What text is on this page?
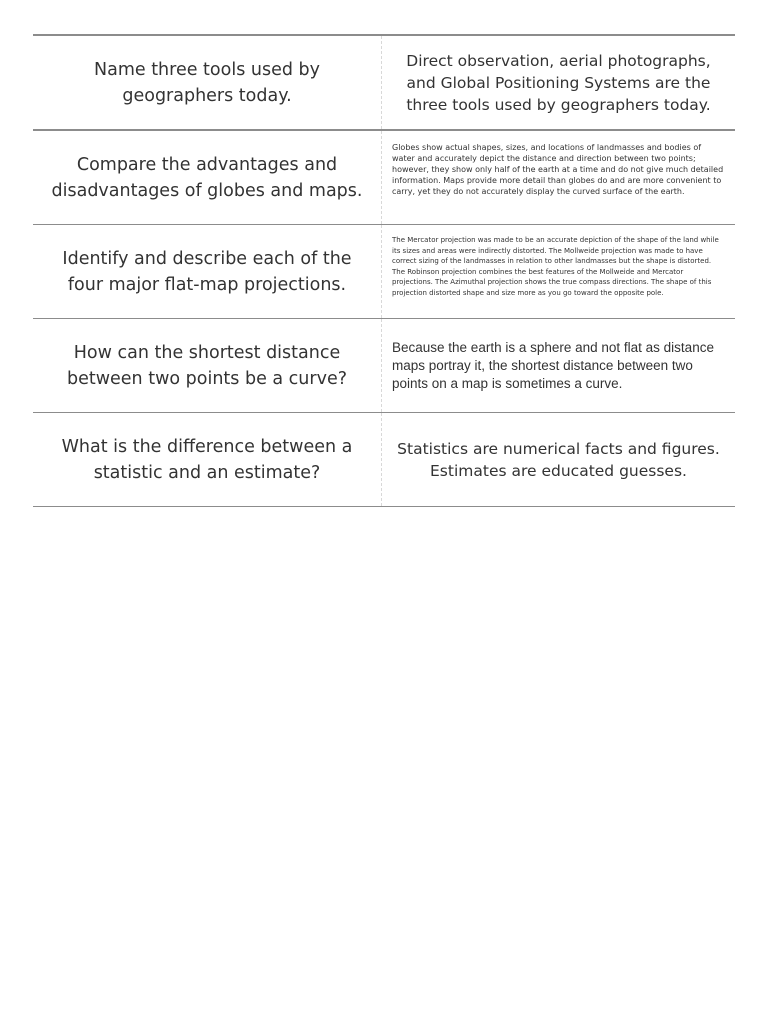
Name three tools used by geographers today.
Direct observation, aerial photographs, and Global Positioning Systems are the three tools used by geographers today.
Compare the advantages and disadvantages of globes and maps.
Globes show actual shapes, sizes, and locations of landmasses and bodies of water and accurately depict the distance and direction between two points; however, they show only half of the earth at a time and do not give much detailed information. Maps provide more detail than globes do and are more convenient to carry, yet they do not accurately display the curved surface of the earth.
Identify and describe each of the four major flat-map projections.
The Mercator projection was made to be an accurate depiction of the shape of the land while its sizes and areas were indirectly distorted. The Mollweide projection was made to have correct sizing of the landmasses in relation to other landmasses but the shape is distorted. The Robinson projection combines the best features of the Mollweide and Mercator projections. The Azimuthal projection shows the true compass directions. The shape of this projection distorted shape and size more as you go toward the opposite pole.
How can the shortest distance between two points be a curve?
Because the earth is a sphere and not flat as distance maps portray it, the shortest distance between two points on a map is sometimes a curve.
What is the difference between a statistic and an estimate?
Statistics are numerical facts and figures. Estimates are educated guesses.
